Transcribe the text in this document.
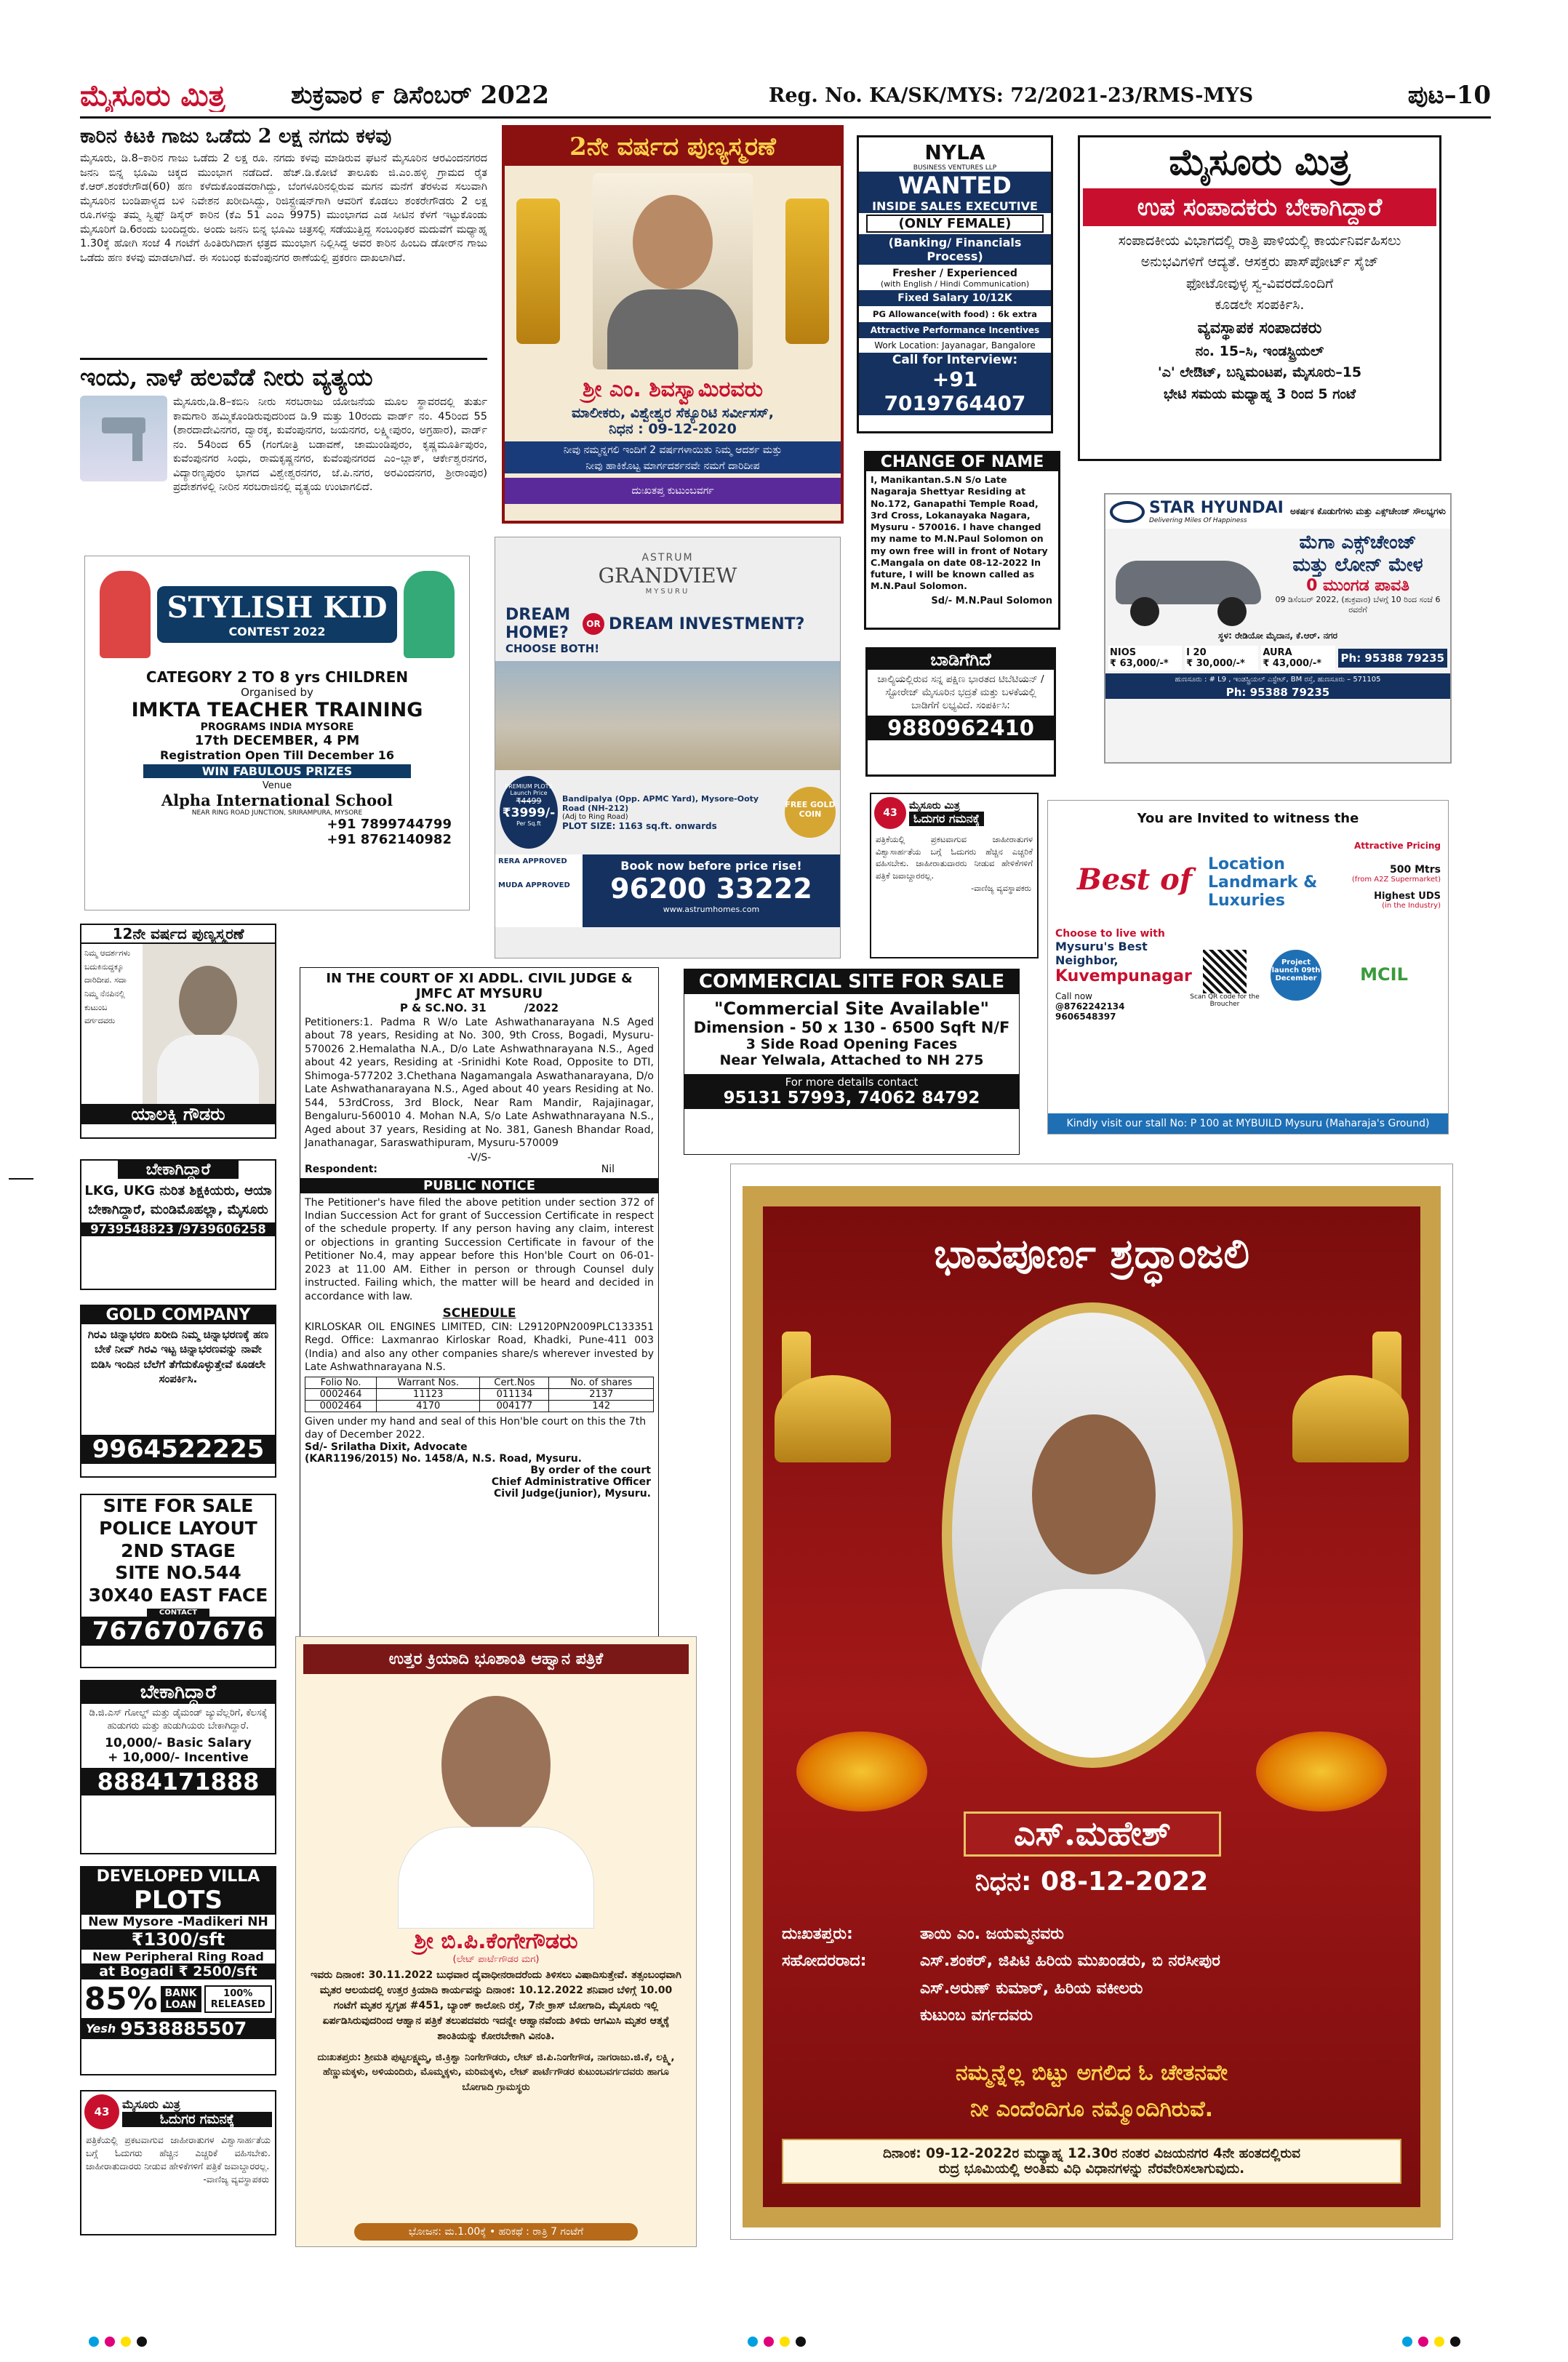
ಮೈಸೂರು ಮಿತ್ರ	ಶುಕ್ರವಾರ ೯ ಡಿಸೆಂಬರ್ 2022	Reg. No. KA/SK/MYS: 72/2021-23/RMS-MYS	ಪುಟ–10
ಕಾರಿನ ಕಿಟಕಿ ಗಾಜು ಒಡೆದು 2 ಲಕ್ಷ ನಗದು ಕಳವು
ಮೈಸೂರು, ಡಿ.8–ಕಾರಿನ ಗಾಜು ಒಡೆದು 2 ಲಕ್ಷ ರೂ. ನಗದು ಕಳವು ಮಾಡಿರುವ ಘಟನೆ ಮೈಸೂರಿನ ಆರವಿಂದನಗರದ ಜನನಿ ಬಿನ್ನ ಭೂಮಿ ಚಿಕ್ಕದ ಮುಂಭಾಗ ನಡೆದಿದೆ. ಹೆಚ್.ಡಿ.ಕೋಟೆ ತಾಲೂಕು ಜಿ.ಎಂ.ಹಳ್ಳಿ ಗ್ರಾಮದ ರೈತ ಕೆ.ಆರ್.ಶಂಕರೇಗೌಡ(60) ಹಣ ಕಳೆದುಕೊಂಡವರಾಗಿದ್ದು, ಬೆಂಗಳೂರಿನಲ್ಲಿರುವ ಮಗನ ಮನೆಗೆ ತೆರಳುವ ಸಲುವಾಗಿ ಮೈಸೂರಿನ ಬಂಡಿಪಾಳ್ಯದ ಬಳಿ ನಿವೇಶನ ಖರೀದಿಸಿದ್ದು, ರಿಜಿಸ್ಟ್ರೇಷನ್‌ಗಾಗಿ ಆವರಿಗೆ ಕೊಡಲು ಶಂಕರೇಗೌಡರು 2 ಲಕ್ಷ ರೂ.ಗಳನ್ನು ತಮ್ಮ ಸ್ವಿಫ್ಟ್ ಡಿಸೈರ್ ಕಾರಿನ (ಕೆಎ 51 ಎಂಎ 9975) ಮುಂಭಾಗದ ಎಡ ಸೀಟಿನ ಕೆಳಗೆ ಇಟ್ಟುಕೊಂಡು ಮೈಸೂರಿಗೆ ಡಿ.6ರಂದು ಬಂದಿದ್ದರು. ಅಂದು ಜನನಿ ಬಿನ್ನ ಭೂಮಿ ಚಿತ್ರಸಲ್ಲಿ ಸಡೆಯುತ್ತಿದ್ದ ಸಂಬಂಧಿಕರ ಮದುವೆಗೆ ಮಧ್ಯಾಹ್ನ 1.30ಕ್ಕೆ ಹೋಗಿ ಸಂಜೆ 4 ಗಂಟೆಗೆ ಹಿಂತಿರುಗಿದಾಗ ಛತ್ರದ ಮುಂಭಾಗ ನಿಲ್ಲಿಸಿದ್ದ ಅವರ ಕಾರಿನ ಹಿಂಬದಿ ಡೋರ್‌ನ ಗಾಜು ಒಡೆದು ಹಣ ಕಳವು ಮಾಡಲಾಗಿದೆ. ಈ ಸಂಬಂಧ ಕುವೆಂಪುನಗರ ಠಾಣೆಯಲ್ಲಿ ಪ್ರಕರಣ ದಾಖಲಾಗಿದೆ.
ಇಂದು, ನಾಳೆ ಹಲವೆಡೆ ನೀರು ವ್ಯತ್ಯಯ
ಮೈಸೂರು,ಡಿ.8–ಕಬಿನಿ ನೀರು ಸರಬರಾಜು ಯೋಜನೆಯ ಮೂಲ ಸ್ಥಾವರದಲ್ಲಿ ತುರ್ತು ಕಾಮಗಾರಿ ಹಮ್ಮಿಕೊಂಡಿರುವುದರಿಂದ ಡಿ.9 ಮತ್ತು 10ರಂದು ವಾರ್ಡ್ ನಂ. 45ರಿಂದ 55 (ಶಾರದಾದೇವಿನಗರ, ದ್ವಾರಕ್ಕ, ಕುವೆಂಪುನಗರ, ಜಯನಗರ, ಲಕ್ಷ್ಮೀಪುರಂ, ಅಗ್ರಹಾರ), ವಾರ್ಡ್ ನಂ. 54ರಿಂದ 65 (ಗಂಗೋತ್ರಿ ಬಡಾವಣೆ, ಚಾಮುಂಡಿಪುರಂ, ಕೃಷ್ಣಮೂರ್ತಿಪುರಂ, ಕುವೆಂಪುನಗರ ಸಿಂಧು, ರಾಮಕೃಷ್ಣನಗರ, ಕುವೆಂಪುನಗರದ ಎಂ–ಬ್ಲಾಕ್, ಆರ್ಕೇಶ್ವರನಗರ, ವಿದ್ಯಾರಣ್ಯಪುರಂ ಭಾಗದ ವಿಶ್ವೇಶ್ವರನಗರ, ಜೆ.ಪಿ.ನಗರ, ಅರವಿಂದನಗರ, ಶ್ರೀರಾಂಪುರ) ಪ್ರದೇಶಗಳಲ್ಲಿ ನೀರಿನ ಸರಬರಾಜಿನಲ್ಲಿ ವ್ಯತ್ಯಯ ಉಂಟಾಗಲಿದೆ.
2ನೇ ವರ್ಷದ ಪುಣ್ಯಸ್ಮರಣೆ
ಶ್ರೀ ಎಂ. ಶಿವಸ್ವಾಮಿರವರು
ಮಾಲೀಕರು, ವಿಶ್ವೇಶ್ವರ ಸೆಕ್ಯೂರಿಟಿ ಸರ್ವೀಸಸ್,
ನಿಧನ : 09-12-2020
ನೀವು ನಮ್ಮನ್ನಗಲಿ ಇಂದಿಗೆ 2 ವರ್ಷಗಳಾಯಿತು ನಿಮ್ಮ ಆದರ್ಶ ಮತ್ತು
ನೀವು ಹಾಕಿಕೊಟ್ಟ ಮಾರ್ಗದರ್ಶನವೇ ನಮಗೆ ದಾರಿದೀಪ
ದುಃಖತಪ್ತ ಕುಟುಂಬವರ್ಗ
NYLA
BUSINESS VENTURES LLP
WANTED
INSIDE SALES EXECUTIVE
(ONLY FEMALE)
(Banking/ Financials Process)
Fresher / Experienced
(with English / Hindi Communication)
Fixed Salary 10/12K
PG Allowance(with food) : 6k extra
Attractive Performance Incentives
Work Location: Jayanagar, Bangalore
Call for Interview:
+91 7019764407
ಮೈಸೂರು ಮಿತ್ರ
ಉಪ ಸಂಪಾದಕರು ಬೇಕಾಗಿದ್ದಾರೆ
ಸಂಪಾದಕೀಯ ವಿಭಾಗದಲ್ಲಿ ರಾತ್ರಿ ಪಾಳಿಯಲ್ಲಿ ಕಾರ್ಯನಿರ್ವಹಿಸಲು
ಅನುಭವಿಗಳಿಗೆ ಆದ್ಯತೆ. ಆಸಕ್ತರು ಪಾಸ್‌ಪೋರ್ಟ್ ಸೈಜ್
ಫೋಟೋವುಳ್ಳ ಸ್ವ-ವಿವರದೊಂದಿಗೆ
ಕೂಡಲೇ ಸಂಪರ್ಕಿಸಿ.
ವ್ಯವಸ್ಥಾಪಕ ಸಂಪಾದಕರು
ನಂ. 15–ಸಿ, ಇಂಡಸ್ಟ್ರಿಯಲ್
'ಎ' ಲೇಔಟ್, ಬನ್ನಿಮಂಟಪ, ಮೈಸೂರು–15
ಭೇಟಿ ಸಮಯ ಮಧ್ಯಾಹ್ನ 3 ರಿಂದ 5 ಗಂಟೆ
CHANGE OF NAME
I, Manikantan.S.N S/o Late Nagaraja Shettyar Residing at No.172, Ganapathi Temple Road, 3rd Cross, Lokanayaka Nagara, Mysuru - 570016. I have changed my name to M.N.Paul Solomon on my own free will in front of Notary C.Mangala on date 08-12-2022 In future, I will be known called as M.N.Paul Solomon.
Sd/- M.N.Paul Solomon
STAR HYUNDAI
Delivering Miles Of Happiness
ಅಕರ್ಷಕ ಕೊಡುಗೆಗಳು ಮತ್ತು ಎಕ್ಸ್‌ಚೇಂಜ್ ಸೌಲಭ್ಯಗಳು
ಮೆಗಾ ಎಕ್ಸ್‌ಚೇಂಜ್
ಮತ್ತು ಲೋನ್ ಮೇಳ
0 ಮುಂಗಡ ಪಾವತಿ
09 ಡಿಸೆಂಬರ್ 2022, (ಶುಕ್ರವಾರ) ಬೆಳಗ್ಗೆ 10 ರಿಂದ ಸಂಜೆ 6 ರವರೆಗೆ
ಸ್ಥಳ: ರೇಡಿಯೋ ಮೈದಾನ, ಕೆ.ಆರ್. ನಗರ
NIOS
₹ 63,000/-*
I 20
₹ 30,000/-*
AURA
₹ 43,000/-*	Ph: 95388 79235
ಹುಣಸೂರು : # L9 , ಇಂಡಸ್ಟ್ರಿಯಲ್ ಎಸ್ಟೇಟ್, BM ರಸ್ತೆ, ಹುಣಸೂರು – 571105
Ph: 95388 79235
STYLISH KID
CONTEST 2022
CATEGORY 2 TO 8 yrs CHILDREN
Organised by
IMKTA TEACHER TRAINING
PROGRAMS INDIA MYSORE
17th DECEMBER, 4 PM
Registration Open Till December 16
WIN FABULOUS PRIZES
Venue
Alpha International School
NEAR RING ROAD JUNCTION, SRIRAMPURA, MYSORE
+91 7899744799
+91 8762140982
ASTRUM
GRANDVIEW
MYSURU
DREAM HOME?	OR DREAM INVESTMENT?
CHOOSE BOTH!
PREMIUM PLOTS
Launch Price
₹4499
₹3999/-
Per Sq.ft
Bandipalya (Opp. APMC Yard), Mysore-Ooty Road (NH-212)
(Adj to Ring Road)
PLOT SIZE: 1163 sq.ft. onwards
FREE GOLD COIN
RERA APPROVED
MUDA APPROVED
Book now before price rise!
96200 33222
www.astrumhomes.com
ಬಾಡಿಗೆಗಿದೆ
ಚಾಲ್ಯಿಯಲ್ಲಿರುವ ಸನ್ನ ಪಕ್ಷಿಣ ಭಾರತದ ಟಿಬೆಟಿಯನ್ / ಸ್ಟೋರೇಜ್ ಮೈಸೂರಿನ ಭದ್ರತೆ ಮತ್ತು ಬಳಕೆಯಲ್ಲಿ ಬಾಡಿಗೆಗೆ ಲಭ್ಯವಿದೆ. ಸಂಪರ್ಕಿಸಿ:
9880962410
43
ಮೈಸೂರು ಮಿತ್ರ
ಓದುಗರ ಗಮನಕ್ಕೆ
ಪತ್ರಿಕೆಯಲ್ಲಿ ಪ್ರಕಟವಾಗುವ ಜಾಹೀರಾತುಗಳ ವಿಶ್ವಾಸಾರ್ಹತೆಯ ಬಗ್ಗೆ ಓದುಗರು ಹೆಚ್ಚಿನ ಎಚ್ಚರಿಕೆ ವಹಿಸಬೇಕು. ಜಾಹೀರಾತುದಾರರು ನೀಡುವ ಹೇಳಿಕೆಗಳಿಗೆ ಪತ್ರಿಕೆ ಜವಾಬ್ದಾರರಲ್ಲ.
-ವಾಣಿಜ್ಯ ವ್ಯವಸ್ಥಾಪಕರು
You are Invited to witness the
Best of Location
Landmark &
Luxuries
Attractive Pricing
500 Mtrs
(from A2Z Supermarket)
Highest UDS
(in the Industry)
Choose to live with
Mysuru's Best
Neighbor,
Kuvempunagar
Call now
@8762242134
9606548397
Scan QR code for the Broucher
Project launch 09th December	MCIL
Kindly visit our stall No: P 100 at MYBUILD Mysuru (Maharaja's Ground)
12ನೇ ವರ್ಷದ ಪುಣ್ಯಸ್ಮರಣೆ
ನಿಮ್ಮ ಆದರ್ಶಗಳು ಬದುಕಿನುದ್ದಕ್ಕೂ ದಾರಿದೀಪ. ಸದಾ ನಿಮ್ಮ ನೆನಪಿನಲ್ಲಿ ಕುಟುಂಬ ವರ್ಗದವರು
ಯಾಲಕ್ಕಿ ಗೌಡರು
ಬೇಕಾಗಿದ್ದಾರೆ
LKG, UKG ನುರಿತ ಶಿಕ್ಷಕಿಯರು, ಆಯಾ ಬೇಕಾಗಿದ್ದಾರೆ, ಮಂಡಿಮೊಹಲ್ಲಾ, ಮೈಸೂರು
9739548823 /9739606258
GOLD COMPANY
ಗಿರವಿ ಚಿನ್ನಾಭರಣ ಖರೀದಿ ನಿಮ್ಮ ಚಿನ್ನಾಭರಣಕ್ಕೆ ಹಣ ಬೇಕೆ ನೀವ್ ಗಿರವಿ ಇಟ್ಟ ಚಿನ್ನಾಭರಣವನ್ನು ನಾವೇ ಬಿಡಿಸಿ ಇಂದಿನ ಬೆಲೆಗೆ ತೆಗೆದುಕೊಳ್ಳುತ್ತೇವೆ ಕೂಡಲೇ ಸಂಪರ್ಕಿಸಿ.
9964522225
SITE FOR SALE
POLICE LAYOUT
2ND STAGE
SITE NO.544
30X40 EAST FACE
CONTACT
7676707676
ಬೇಕಾಗಿದ್ದಾರೆ
ಡಿ.ಜಿ.ಎಸ್ ಗೋಲ್ಡ್ ಮತ್ತು ಡೈಮಂಡ್ ಜ್ಯುವೆಲ್ಲರಿಗೆ, ಕೆಲಸಕ್ಕೆ ಹುಡುಗರು ಮತ್ತು ಹುಡುಗಿಯರು ಬೇಕಾಗಿದ್ದಾರೆ.
10,000/- Basic Salary
+ 10,000/- Incentive
8884171888
DEVELOPED VILLA
PLOTS
New Mysore -Madikeri NH
₹1300/sft
New Peripheral Ring Road
at Bogadi ₹ 2500/sft
85% BANK LOAN
100% RELEASED
Yesh 9538885507
43
ಮೈಸೂರು ಮಿತ್ರ
ಓದುಗರ ಗಮನಕ್ಕೆ
ಪತ್ರಿಕೆಯಲ್ಲಿ ಪ್ರಕಟವಾಗುವ ಜಾಹೀರಾತುಗಳ ವಿಶ್ವಾಸಾರ್ಹತೆಯ ಬಗ್ಗೆ ಓದುಗರು ಹೆಚ್ಚಿನ ಎಚ್ಚರಿಕೆ ವಹಿಸಬೇಕು. ಜಾಹೀರಾತುದಾರರು ನೀಡುವ ಹೇಳಿಕೆಗಳಿಗೆ ಪತ್ರಿಕೆ ಜವಾಬ್ದಾರರಲ್ಲ.
-ವಾಣಿಜ್ಯ ವ್ಯವಸ್ಥಾಪಕರು
IN THE COURT OF XI ADDL. CIVIL JUDGE &
JMFC AT MYSURU
P & SC.NO. 31          /2022
Petitioners:1. Padma R W/o Late Ashwathanarayana N.S Aged about 78 years, Residing at No. 300, 9th Cross, Bogadi, Mysuru-570026 2.Hemalatha N.A., D/o Late Ashwathnarayana N.S., Aged about 42 years, Residing at -Srinidhi Kote Road, Opposite to DTI, Shimoga-577202 3.Chethana Nagamangala Aswathanarayana, D/o Late Ashwathanarayana N.S., Aged about 40 years Residing at No. 544, 53rdCross, 3rd Block, Near Ram Mandir, Rajajinagar, Bengaluru-560010 4. Mohan N.A, S/o Late Ashwathnarayana N.S., Aged about 37 years, Residing at No. 381, Ganesh Bhandar Road, Janathanagar, Saraswathipuram, Mysuru-570009
-V/S-
Respondent:	Nil
PUBLIC NOTICE
The Petitioner's have filed the above petition under section 372 of Indian Succession Act for grant of Succession Certificate in respect of the schedule property. If any person having any claim, interest or objections in granting Succession Certificate in favour of the Petitioner No.4, may appear before this Hon'ble Court on 06-01-2023 at 11.00 AM. Either in person or through Counsel duly instructed. Failing which, the matter will be heard and decided in accordance with law.
SCHEDULE
KIRLOSKAR OIL ENGINES LIMITED, CIN: L29120PN2009PLC133351 Regd. Office: Laxmanrao Kirloskar Road, Khadki, Pune-411 003 (India) and also any other companies share/s wherever invested by Late Ashwathnarayana N.S.
Folio No.	Warrant Nos.	Cert.Nos	No. of shares
0002464	11123	011134	2137
0002464	4170	004177	142
Given under my hand and seal of this Hon'ble court on this the 7th day of December 2022.
Sd/- Srilatha Dixit, Advocate
(KAR1196/2015) No. 1458/A, N.S. Road, Mysuru.
By order of the court
Chief Administrative Officer
Civil Judge(junior), Mysuru.
COMMERCIAL SITE FOR SALE
"Commercial Site Available"
Dimension - 50 x 130 - 6500 Sqft N/F
3 Side Road Opening Faces
Near Yelwala, Attached to NH 275
For more details contact
95131 57993, 74062 84792
ಉತ್ತರ ಕ್ರಿಯಾದಿ ಭೂಶಾಂತಿ ಆಹ್ವಾನ ಪತ್ರಿಕೆ
ಶ್ರೀ ಬಿ.ಪಿ.ಕೆಂಗೇಗೌಡರು
(ಲೇಟ್ ಪಾರ್ಟೆಗೌಡರ ಮಗ)
ಇವರು ದಿನಾಂಕ: 30.11.2022 ಬುಧವಾರ ದೈವಾಧೀನರಾದರೆಂದು ತಿಳಿಸಲು ವಿಷಾದಿಸುತ್ತೇವೆ. ತತ್ಸಂಬಂಧವಾಗಿ ಮೃತರ ಆಲಯದಲ್ಲಿ ಉತ್ತರ ಕ್ರಿಯಾದಿ ಕಾರ್ಯವನ್ನು ದಿನಾಂಕ: 10.12.2022 ಶನಿವಾರ ಬೆಳಿಗ್ಗೆ 10.00 ಗಂಟೆಗೆ ಮೃತರ ಸ್ವಗೃಹ #451, ಬ್ಯಾಂಕ್ ಕಾಲೋನಿ ರಸ್ತೆ, 7ನೇ ಕ್ರಾಸ್ ಬೋಗಾದಿ, ಮೈಸೂರು ಇಲ್ಲಿ ಏರ್ಪಡಿಸಿರುವುದರಿಂದ ಆಹ್ವಾನ ಪತ್ರಿಕೆ ತಲುಪದವರು ಇದನ್ನೇ ಆಹ್ವಾನವೆಂದು ತಿಳಿದು ಆಗಮಿಸಿ ಮೃತರ ಆತ್ಮಕ್ಕೆ ಶಾಂತಿಯನ್ನು ಕೋರಬೇಕಾಗಿ ವಿನಂತಿ.
ದುಃಖತಪ್ತರು: ಶ್ರೀಮತಿ ಪುಟ್ಟಲಕ್ಷ್ಮಮ್ಮ, ಜಿ.ಕ್ರಿಶ್ವಾ ನಿಂಗೇಗೌಡರು, ಲೇಟ್ ಜಿ.ಪಿ.ನಿಂಗೇಗೌಡ, ನಾಗರಾಜು.ಜಿ.ಕೆ, ಲಕ್ಷ್ಮಿ, ಹೆಣ್ಣುಮಕ್ಕಳು, ಅಳಿಯಂದಿರು, ಮೊಮ್ಮಕ್ಕಳು, ಮರಿಮಕ್ಕಳು, ಲೇಟ್ ಪಾರ್ಟೆಗೌಡರ ಕುಟುಂಬವರ್ಗದವರು ಹಾಗೂ ಬೋಗಾದಿ ಗ್ರಾಮಸ್ಥರು
ಭೋಜನ: ಮ.1.00ಕ್ಕೆ • ಹರಿಕಥೆ : ರಾತ್ರಿ 7 ಗಂಟೆಗೆ
ಭಾವಪೂರ್ಣ ಶ್ರದ್ಧಾಂಜಲಿ
ಎಸ್.ಮಹೇಶ್
ನಿಧನ: 08-12-2022
ದುಃಖತಪ್ತರು:	ತಾಯಿ ಎಂ. ಜಯಮ್ಮನವರು
ಸಹೋದರರಾದ:	ಎಸ್.ಶಂಕರ್, ಜಿಪಿಟಿ ಹಿರಿಯ ಮುಖಂಡರು, ಬಿ ನರಸೀಪುರ
ಎಸ್.ಅರುಣ್ ಕುಮಾರ್, ಹಿರಿಯ ವಕೀಲರು
ಕುಟುಂಬ ವರ್ಗದವರು
ನಮ್ಮನ್ನೆಲ್ಲ ಬಿಟ್ಟು ಅಗಲಿದ ಓ ಚೇತನವೇ
ನೀ ಎಂದೆಂದಿಗೂ ನಮ್ಮೊಂದಿಗಿರುವೆ.
ದಿನಾಂಕ: 09-12-2022ರ ಮಧ್ಯಾಹ್ನ 12.30ರ ನಂತರ ವಿಜಯನಗರ 4ನೇ ಹಂತದಲ್ಲಿರುವ
ರುದ್ರ ಭೂಮಿಯಲ್ಲಿ ಅಂತಿಮ ವಿಧಿ ವಿಧಾನಗಳನ್ನು ನೆರವೇರಿಸಲಾಗುವುದು.
